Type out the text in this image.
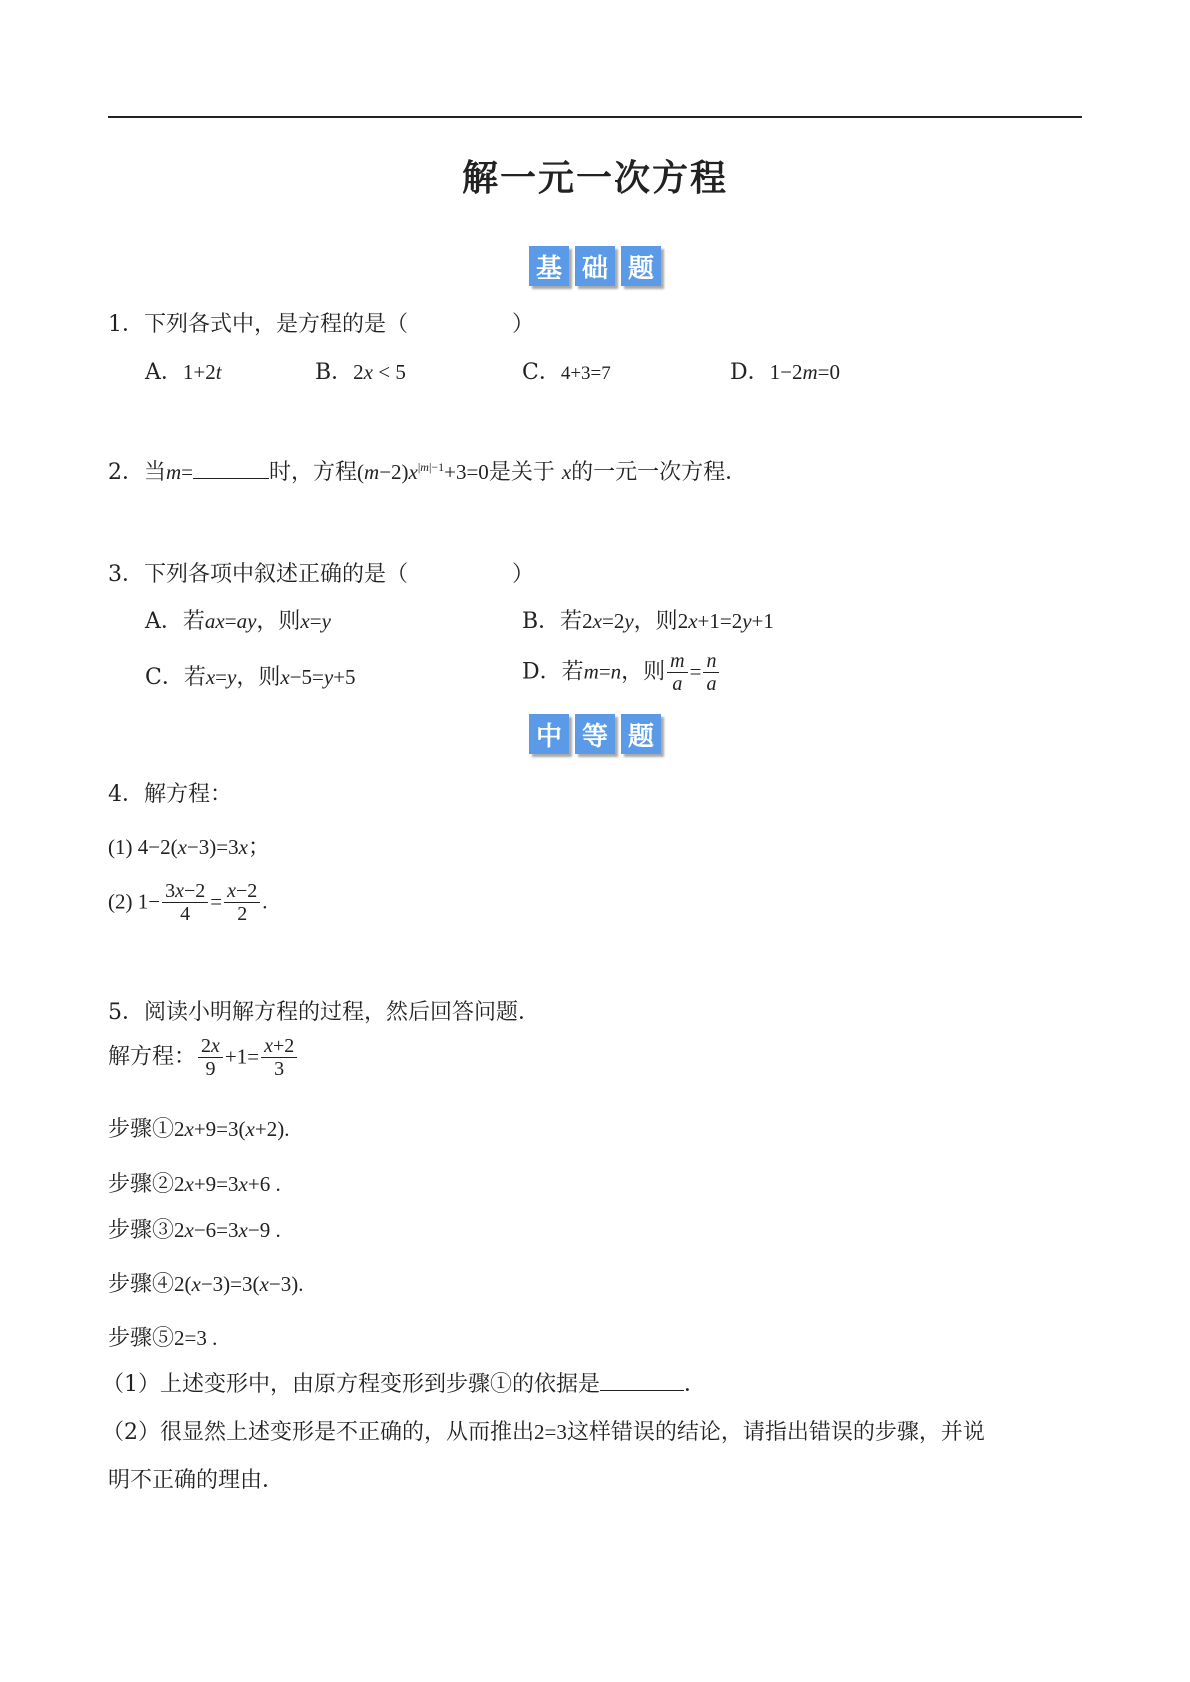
解一元一次方程
基 础 题
1．下列各式中，是方程的是（	）
A．1+2t	B．2x < 5	C．4+3=7	D．1−2m=0
2．当m=	时，方程$(m-2)x^{|m|-1}+3=0$是关于 x的一元一次方程．
3．下列各项中叙述正确的是（	）
A．若ax=ay，则x=y	B．若2x=2y，则2x+1=2y+1
C．若x=y，则x−5=y+5	D．若m=n，则 $\frac{m}{a} = \frac{n}{a}$
中 等 题
4．解方程：
(1) 4−2(x−3)=3x；
(2) $1- \frac{3x-2}{4} = \frac{x-2}{2}$ .
5．阅读小明解方程的过程，然后回答问题．
解方程： $\frac{2x}{9} +1= \frac{x+2}{3}$
步骤①2x+9=3(x+2).
步骤②2x+9=3x+6 .
步骤③2x−6=3x−9 .
步骤④2(x−3)=3(x−3).
步骤⑤2=3 .
（1）上述变形中，由原方程变形到步骤①的依据是	．
（2）很显然上述变形是不正确的，从而推出2=3这样错误的结论，请指出错误的步骤，并说
明不正确的理由．
